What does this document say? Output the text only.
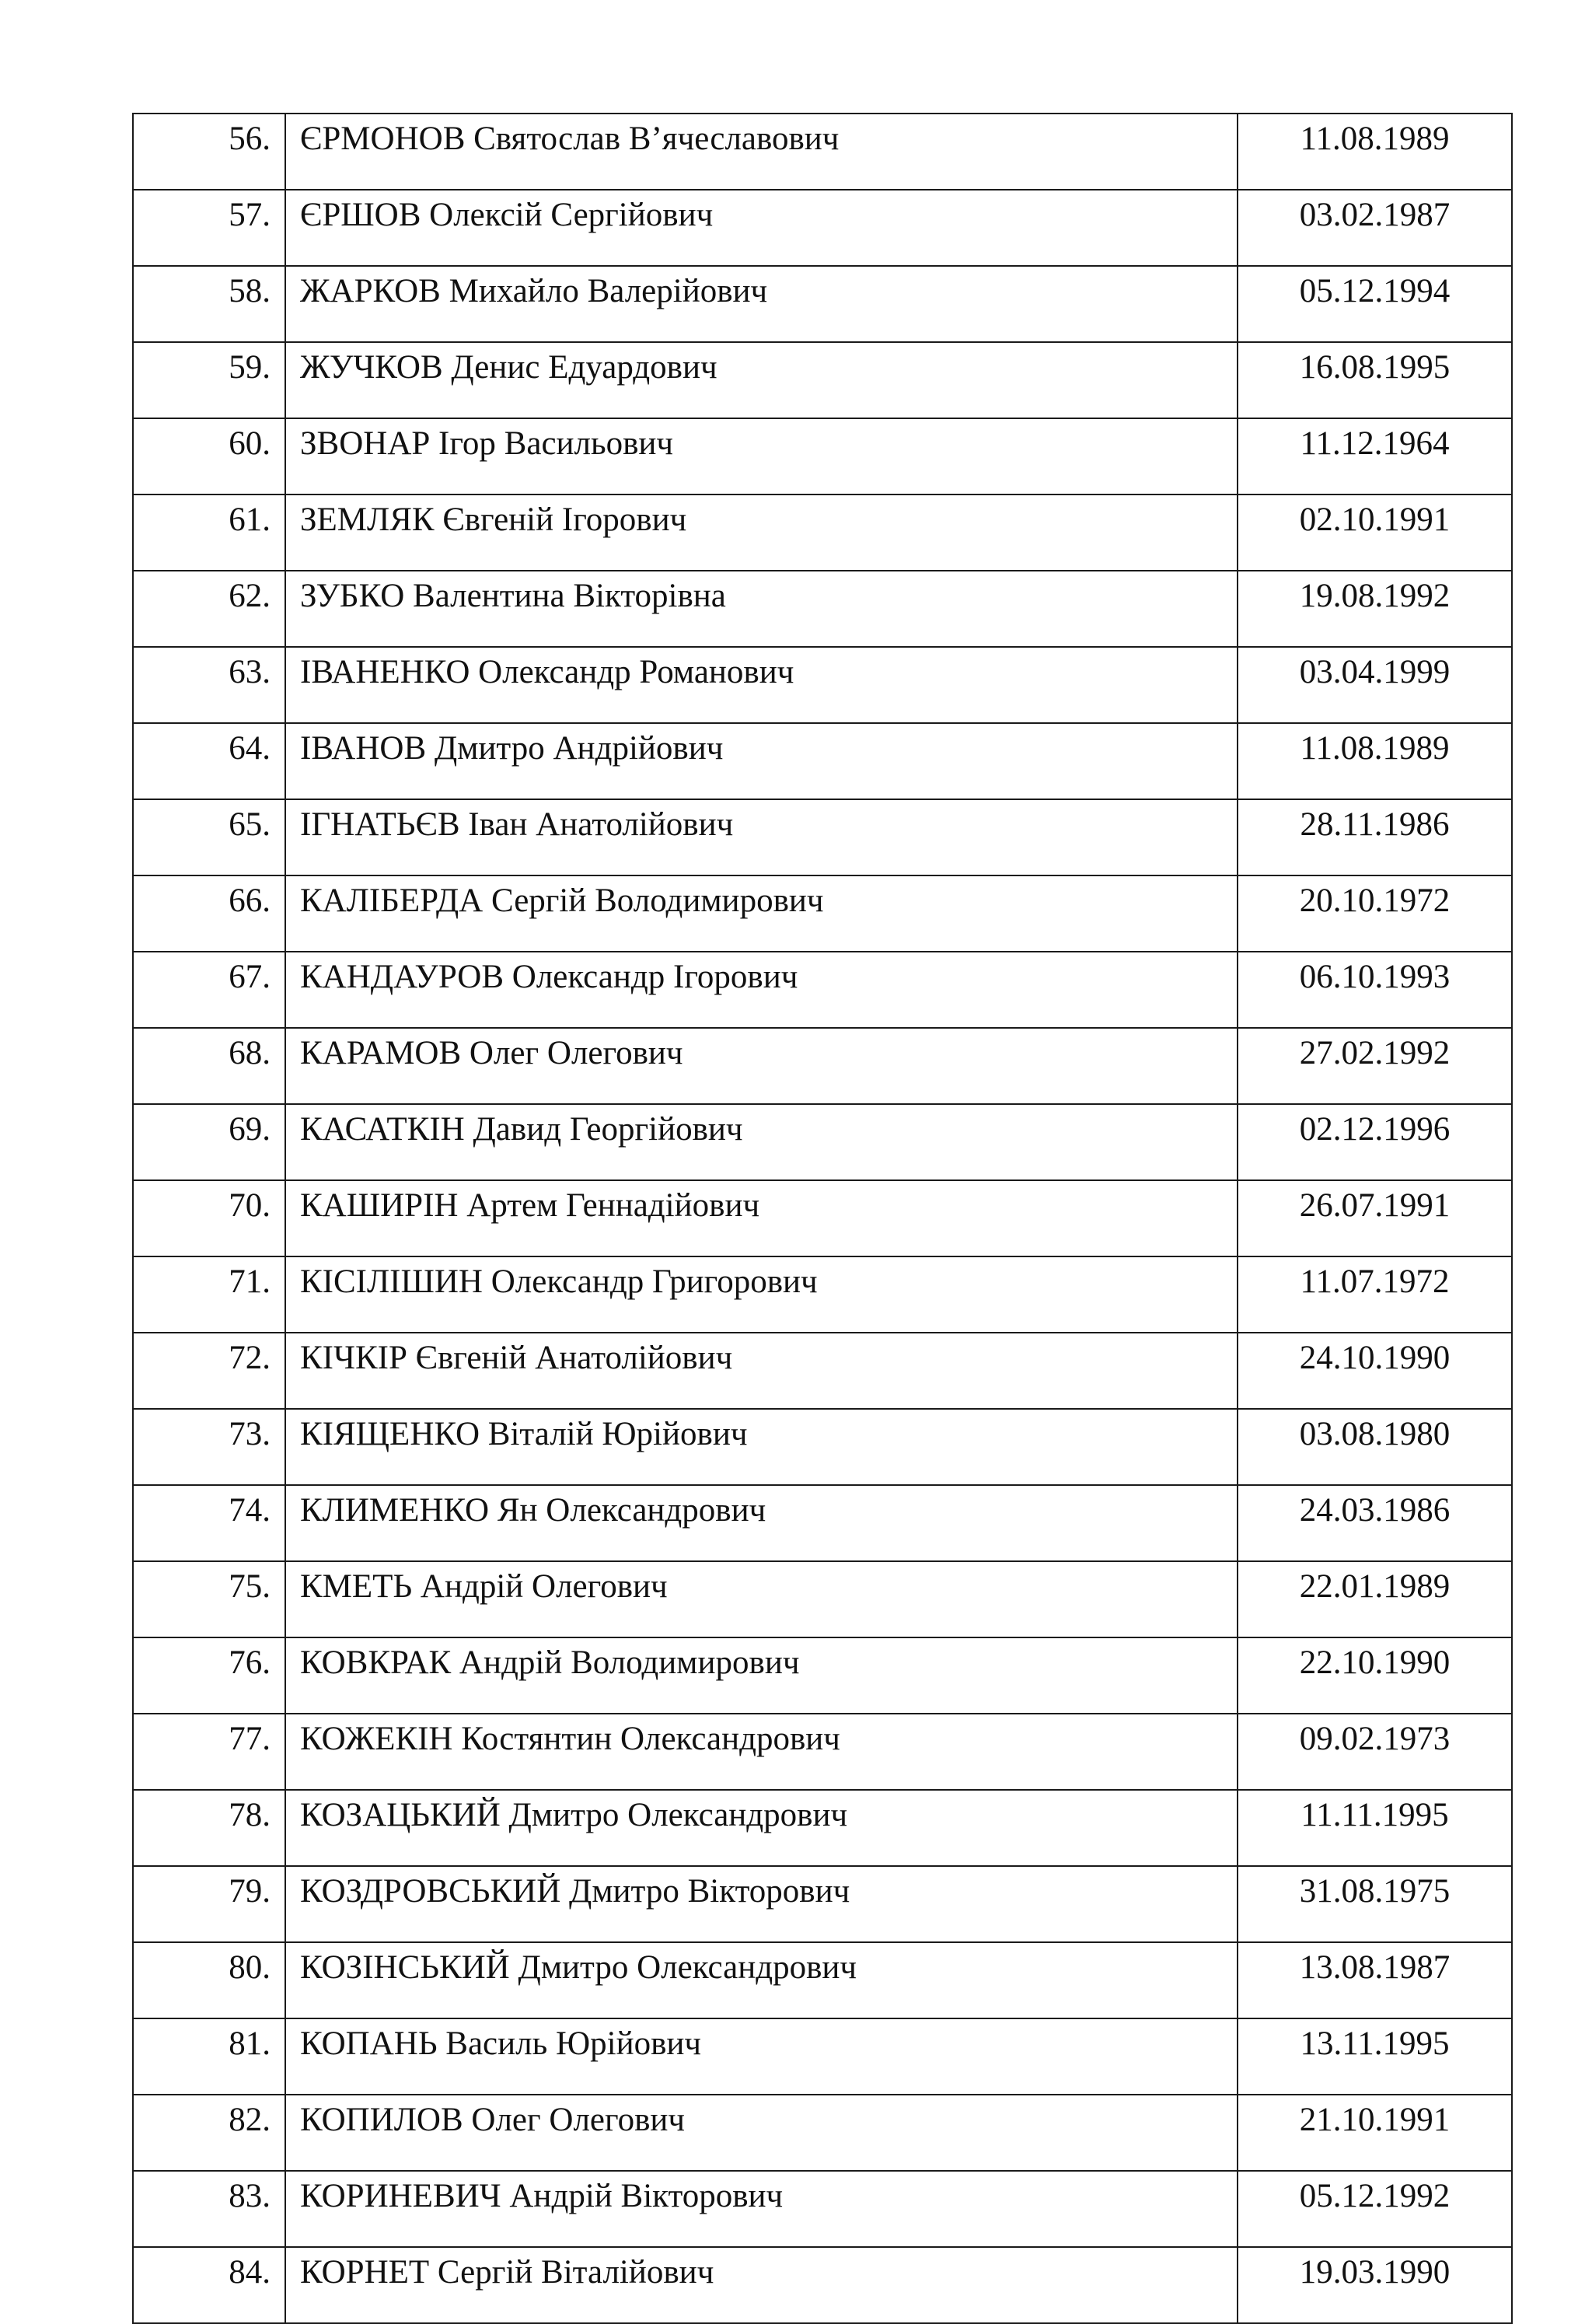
56.	ЄРМОНОВ Святослав В’ячеславович	11.08.1989
57.	ЄРШОВ Олексій Сергійович	03.02.1987
58.	ЖАРКОВ Михайло Валерійович	05.12.1994
59.	ЖУЧКОВ Денис Едуардович	16.08.1995
60.	ЗВОНАР Ігор Васильович	11.12.1964
61.	ЗЕМЛЯК Євгеній Ігорович	02.10.1991
62.	ЗУБКО Валентина Вікторівна	19.08.1992
63.	ІВАНЕНКО Олександр Романович	03.04.1999
64.	ІВАНОВ Дмитро Андрійович	11.08.1989
65.	ІГНАТЬЄВ Іван Анатолійович	28.11.1986
66.	КАЛІБЕРДА Сергій Володимирович	20.10.1972
67.	КАНДАУРОВ Олександр Ігорович	06.10.1993
68.	КАРАМОВ Олег Олегович	27.02.1992
69.	КАСАТКІН Давид Георгійович	02.12.1996
70.	КАШИРІН Артем Геннадійович	26.07.1991
71.	КІСІЛІШИН Олександр Григорович	11.07.1972
72.	КІЧКІР Євгеній Анатолійович	24.10.1990
73.	КІЯЩЕНКО Віталій Юрійович	03.08.1980
74.	КЛИМЕНКО Ян Олександрович	24.03.1986
75.	КМЕТЬ Андрій Олегович	22.01.1989
76.	КОВКРАК Андрій Володимирович	22.10.1990
77.	КОЖЕКІН Костянтин Олександрович	09.02.1973
78.	КОЗАЦЬКИЙ Дмитро Олександрович	11.11.1995
79.	КОЗДРОВСЬКИЙ Дмитро Вікторович	31.08.1975
80.	КОЗІНСЬКИЙ Дмитро Олександрович	13.08.1987
81.	КОПАНЬ Василь Юрійович	13.11.1995
82.	КОПИЛОВ Олег Олегович	21.10.1991
83.	КОРИНЕВИЧ Андрій Вікторович	05.12.1992
84.	КОРНЕТ Сергій Віталійович	19.03.1990
